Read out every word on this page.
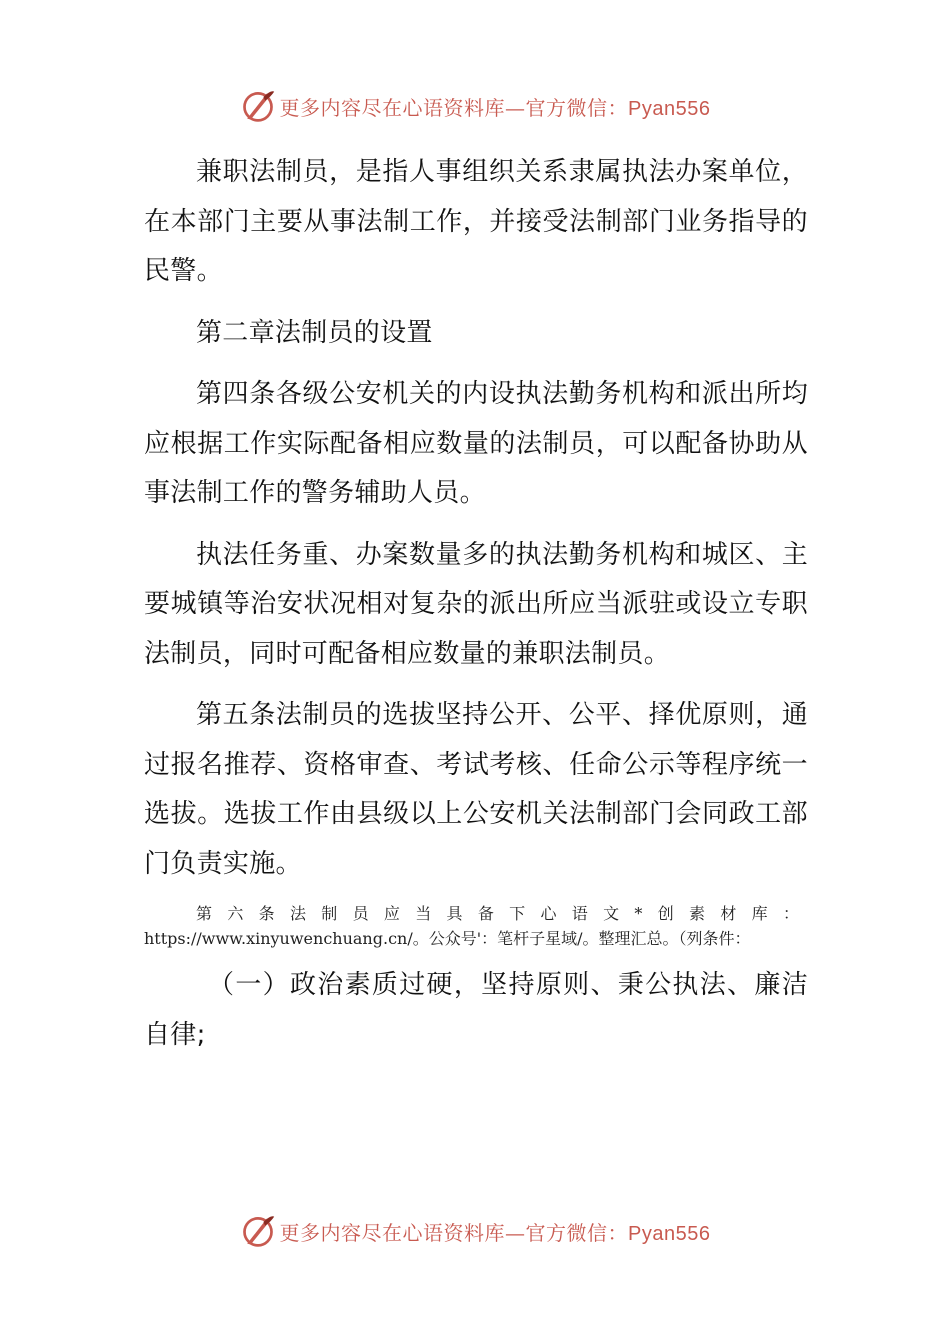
更多内容尽在心语资料库—官方微信：Pyan556

兼职法制员，是指人事组织关系隶属执法办案单位，在本部门主要从事法制工作，并接受法制部门业务指导的民警。

第二章法制员的设置

第四条各级公安机关的内设执法勤务机构和派出所均应根据工作实际配备相应数量的法制员，可以配备协助从事法制工作的警务辅助人员。

执法任务重、办案数量多的执法勤务机构和城区、主要城镇等治安状况相对复杂的派出所应当派驻或设立专职法制员，同时可配备相应数量的兼职法制员。

第五条法制员的选拔坚持公开、公平、择优原则，通过报名推荐、资格审查、考试考核、任命公示等程序统一选拔。选拔工作由县级以上公安机关法制部门会同政工部门负责实施。

第六条法制员应当具备下心语文*创素材库：https://www.xinyuwenchuang.cn/。公众号'：笔杆子星域/。整理汇总。（列条件：

（一）政治素质过硬，坚持原则、秉公执法、廉洁自律;

更多内容尽在心语资料库—官方微信：Pyan556
